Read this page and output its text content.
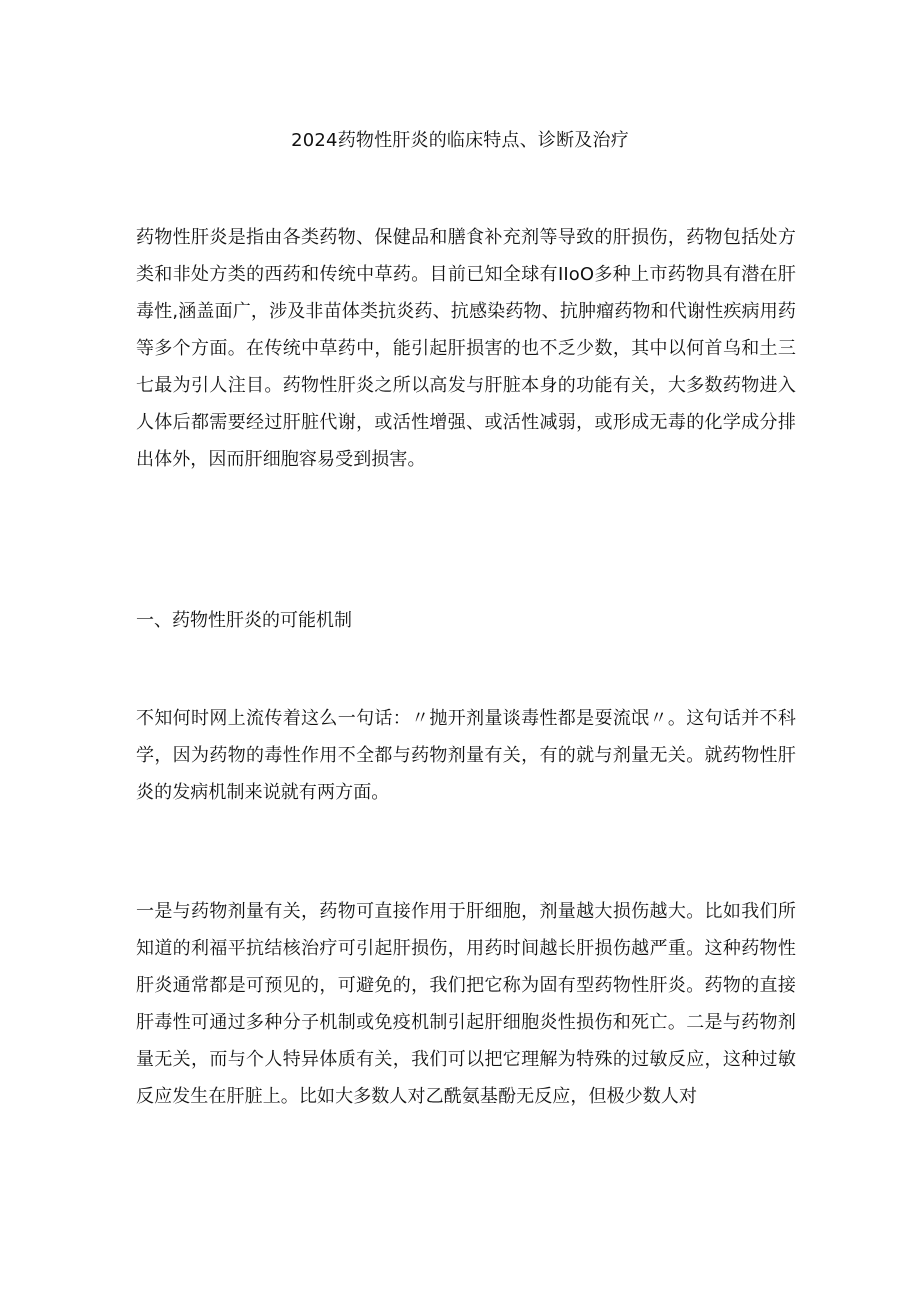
2024药物性肝炎的临床特点、诊断及治疗
药物性肝炎是指由各类药物、保健品和膳食补充剂等导致的肝损伤，药物包括处方类和非处方类的西药和传统中草药。目前已知全球有IIoO多种上市药物具有潜在肝毒性,涵盖面广，涉及非苗体类抗炎药、抗感染药物、抗肿瘤药物和代谢性疾病用药等多个方面。在传统中草药中，能引起肝损害的也不乏少数，其中以何首乌和土三七最为引人注目。药物性肝炎之所以高发与肝脏本身的功能有关，大多数药物进入人体后都需要经过肝脏代谢，或活性增强、或活性减弱，或形成无毒的化学成分排出体外，因而肝细胞容易受到损害。
一、药物性肝炎的可能机制
不知何时网上流传着这么一句话：〃抛开剂量谈毒性都是耍流氓〃。这句话并不科学，因为药物的毒性作用不全都与药物剂量有关，有的就与剂量无关。就药物性肝炎的发病机制来说就有两方面。
一是与药物剂量有关，药物可直接作用于肝细胞，剂量越大损伤越大。比如我们所知道的利福平抗结核治疗可引起肝损伤，用药时间越长肝损伤越严重。这种药物性肝炎通常都是可预见的，可避免的，我们把它称为固有型药物性肝炎。药物的直接肝毒性可通过多种分子机制或免疫机制引起肝细胞炎性损伤和死亡。二是与药物剂量无关，而与个人特异体质有关，我们可以把它理解为特殊的过敏反应，这种过敏反应发生在肝脏上。比如大多数人对乙酰氨基酚无反应，但极少数人对
